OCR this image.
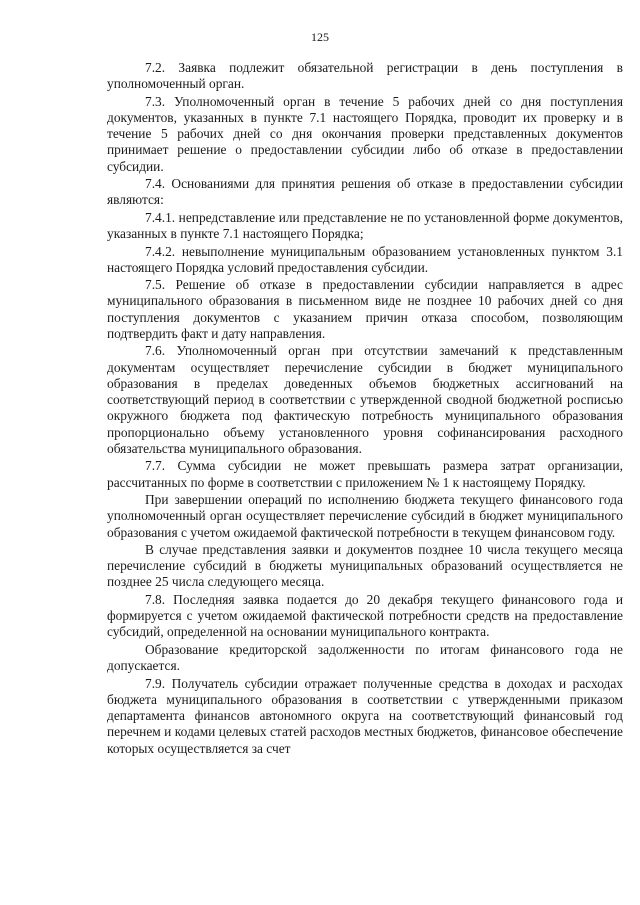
125

7.2. Заявка подлежит обязательной регистрации в день поступления в уполномоченный орган.

7.3. Уполномоченный орган в течение 5 рабочих дней со дня поступления документов, указанных в пункте 7.1 настоящего Порядка, проводит их проверку и в течение 5 рабочих дней со дня окончания проверки представленных документов принимает решение о предоставлении субсидии либо об отказе в предоставлении субсидии.

7.4. Основаниями для принятия решения об отказе в предоставлении субсидии являются:

7.4.1. непредставление или представление не по установленной форме документов, указанных в пункте 7.1 настоящего Порядка;

7.4.2. невыполнение муниципальным образованием установленных пунктом 3.1 настоящего Порядка условий предоставления субсидии.

7.5. Решение об отказе в предоставлении субсидии направляется в адрес муниципального образования в письменном виде не позднее 10 рабочих дней со дня поступления документов с указанием причин отказа способом, позволяющим подтвердить факт и дату направления.

7.6. Уполномоченный орган при отсутствии замечаний к представленным документам осуществляет перечисление субсидии в бюджет муниципального образования в пределах доведенных объемов бюджетных ассигнований на соответствующий период в соответствии с утвержденной сводной бюджетной росписью окружного бюджета под фактическую потребность муниципального образования пропорционально объему установленного уровня софинансирования расходного обязательства муниципального образования.

7.7. Сумма субсидии не может превышать размера затрат организации, рассчитанных по форме в соответствии с приложением № 1 к настоящему Порядку.

При завершении операций по исполнению бюджета текущего финансового года уполномоченный орган осуществляет перечисление субсидий в бюджет муниципального образования с учетом ожидаемой фактической потребности в текущем финансовом году.

В случае представления заявки и документов позднее 10 числа текущего месяца перечисление субсидий в бюджеты муниципальных образований осуществляется не позднее 25 числа следующего месяца.

7.8. Последняя заявка подается до 20 декабря текущего финансового года и формируется с учетом ожидаемой фактической потребности средств на предоставление субсидий, определенной на основании муниципального контракта.

Образование кредиторской задолженности по итогам финансового года не допускается.

7.9. Получатель субсидии отражает полученные средства в доходах и расходах бюджета муниципального образования в соответствии с утвержденными приказом департамента финансов автономного округа на соответствующий финансовый год перечнем и кодами целевых статей расходов местных бюджетов, финансовое обеспечение которых осуществляется за счет
